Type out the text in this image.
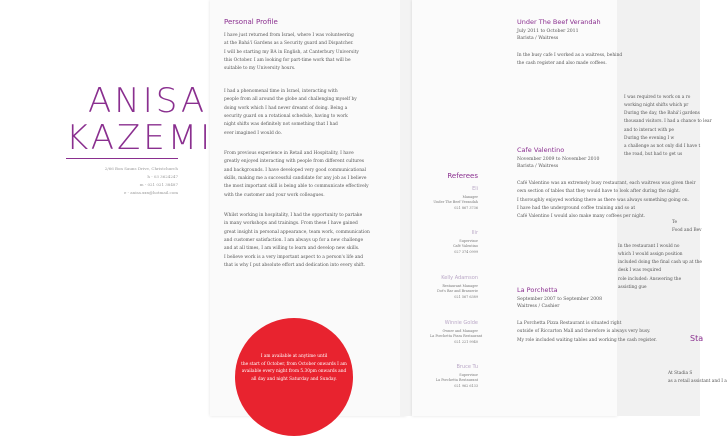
ANISA
KAZEMI
2/66 Bon Sauns Drive, Christchurch
h - 03 3624247
m - 021 021 38487
e - anisa.xxx@hotmail.com
Personal Profile
I have just returned from Israel, where I was volunteering
at the Bahá'í Gardens as a Security guard and Dispatcher.
I will be starting my BA in English, at Canterbury University
this October. I am looking for part-time work that will be
suitable to my University hours.
I had a phenomenal time in Israel, interacting with
people from all around the globe and challenging myself by
doing work which I had never dreamt of doing. Being a
security guard on a rotational schedule, having to work
night shifts was definitely not something that I had
ever imagined I would do.
From previous experience in Retail and Hospitality, I have
greatly enjoyed interacting with people from different cultures
and backgrounds. I have developed very good communicational
skills, making me a successful candidate for any job as I believe
the most important skill is being able to communicate effectively
with the customer and your work colleagues.
Whilst working in hospitality, I had the opportunity to partake
in many workshops and trainings. From these I have gained
great insight in personal appearance, team work, communication
and customer satisfaction. I am always up for a new challenge
and at all times, I am willing to learn and develop new skills.
I believe work is a very important aspect to a person's life and
that is why I put absolute effort and dedication into every shift.
I am available at anytime until
the start of October, from October onwards I am
available every night from 5.30pm onwards and
all day and night Saturday and Sunday.
Referees
Eli
Manager
Under The Beef Verandah
021 867 3736
Ilir
Supervisor
Café Valentino
027 374 0999
Kelly Adamson
Restaurant Manager
Dot's Bar and Brasserie
021 567 6389
Winnie Golde
Owner and Manager
La Porchetta Pizza Restaurant
021 221 9940
Bruce Tu
Supervisor
La Porchetta Restaurant
021 962 6133
Under The Beef Verandah
July 2011 to October 2011
Barista / Waitress
In the busy cafe I worked as a waitress, behind
the cash register and also made coffees.
Cafe Valentino
November 2009 to November 2010
Barista / Waitress
Café Valentino was an extremely busy restaurant, each waitress was given their
own section of tables that they would have to look after during the night.
I thoroughly enjoyed working there as there was always something going on.
I have had the underground coffee training and so at
Café Valentino I would also make many coffees per night.
La Porchetta
September 2007 to September 2008
Waitress / Cashier
La Porchetta Pizza Restaurant is situated right
outside of Riccarton Mall and therefore is always very busy.
My role included waiting tables and working the cash register.
I was required to work on a ro
working night shifts which pr
During the day, the Bahá'í gardens
thousand visitors. I had a chance to lear
and to interact with pe
During the evening I w
a challenge as not only did I have t
the road, but had to get us
Te
Food and Bev
In the restaurant I would no
which I would assign position
included doing the final cash up at the
desk I was required
role included: Answering the
assisting gue
Sta
At Stadia S
as a retail assistant and I a
